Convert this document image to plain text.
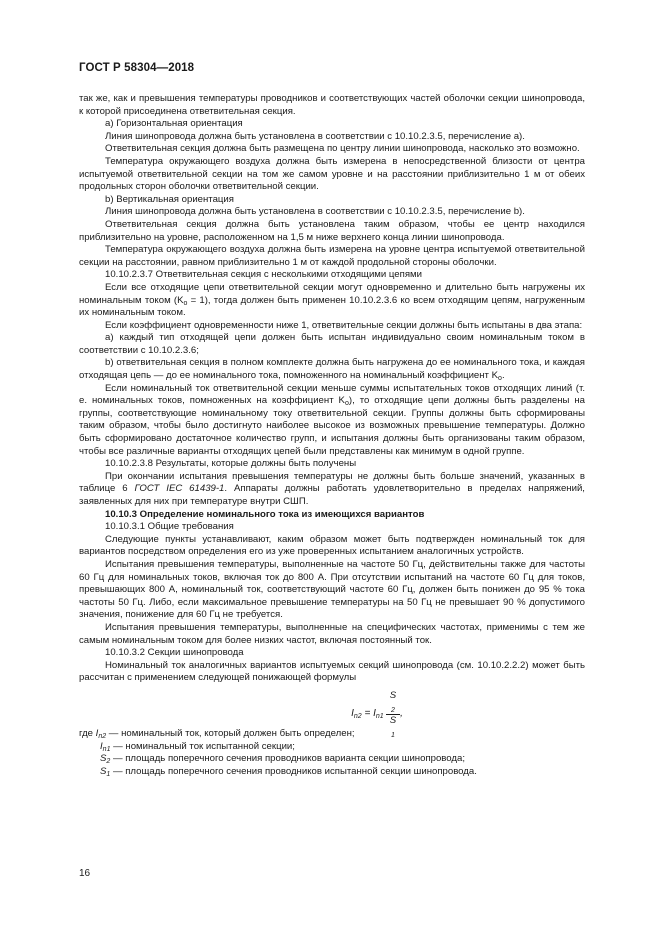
ГОСТ Р 58304—2018

так же, как и превышения температуры проводников и соответствующих частей оболочки секции шинопровода, к которой присоединена ответвительная секция.

а) Горизонтальная ориентация

Линия шинопровода должна быть установлена в соответствии с 10.10.2.3.5, перечисление а).

Ответвительная секция должна быть размещена по центру линии шинопровода, насколько это возможно.

Температура окружающего воздуха должна быть измерена в непосредственной близости от центра испытуемой ответвительной секции на том же самом уровне и на расстоянии приблизительно 1 м от обеих продольных сторон оболочки ответвительной секции.

b) Вертикальная ориентация

Линия шинопровода должна быть установлена в соответствии с 10.10.2.3.5, перечисление b).

Ответвительная секция должна быть установлена таким образом, чтобы ее центр находился приблизительно на уровне, расположенном на 1,5 м ниже верхнего конца линии шинопровода.

Температура окружающего воздуха должна быть измерена на уровне центра испытуемой ответвительной секции на расстоянии, равном приблизительно 1 м от каждой продольной стороны оболочки.

10.10.2.3.7 Ответвительная секция с несколькими отходящими цепями

Если все отходящие цепи ответвительной секции могут одновременно и длительно быть нагружены их номинальным током $(K_o = 1)$, тогда должен быть применен 10.10.2.3.6 ко всем отходящим цепям, нагруженным их номинальным током.

Если коэффициент одновременности ниже 1, ответвительные секции должны быть испытаны в два этапа:

а) каждый тип отходящей цепи должен быть испытан индивидуально своим номинальным током в соответствии с 10.10.2.3.6;

b) ответвительная секция в полном комплекте должна быть нагружена до ее номинального тока, и каждая отходящая цепь — до ее номинального тока, помноженного на номинальный коэффициент $K_o$.

Если номинальный ток ответвительной секции меньше суммы испытательных токов отходящих линий (т. е. номинальных токов, помноженных на коэффициент $K_o$), то отходящие цепи должны быть разделены на группы, соответствующие номинальному току ответвительной секции. Группы должны быть сформированы таким образом, чтобы было достигнуто наиболее высокое из возможных превышение температуры. Должно быть сформировано достаточное количество групп, и испытания должны быть организованы таким образом, чтобы все различные варианты отходящих цепей были представлены как минимум в одной группе.

10.10.2.3.8 Результаты, которые должны быть получены

При окончании испытания превышения температуры не должны быть больше значений, указанных в таблице 6 ГОСТ IEC 61439-1. Аппараты должны работать удовлетворительно в пределах напряжений, заявленных для них при температуре внутри СШП.

10.10.3 Определение номинального тока из имеющихся вариантов

10.10.3.1 Общие требования

Следующие пункты устанавливают, каким образом может быть подтвержден номинальный ток для вариантов посредством определения его из уже проверенных испытанием аналогичных устройств.

Испытания превышения температуры, выполненные на частоте 50 Гц, действительны также для частоты 60 Гц для номинальных токов, включая ток до 800 А. При отсутствии испытаний на частоте 60 Гц для токов, превышающих 800 А, номинальный ток, соответствующий частоте 60 Гц, должен быть понижен до 95 % тока частоты 50 Гц. Либо, если максимальное превышение температуры на 50 Гц не превышает 90 % допустимого значения, понижение для 60 Гц не требуется.

Испытания превышения температуры, выполненные на специфических частотах, применимы с тем же самым номинальным током для более низких частот, включая постоянный ток.

10.10.3.2 Секции шинопровода

Номинальный ток аналогичных вариантов испытуемых секций шинопровода (см. 10.10.2.2.2) может быть рассчитан с применением следующей понижающей формулы

$I_{n2} = I_{n1}$ S
$_2$
S
$_1$ ,

где $I_{n2}$ — номинальный ток, который должен быть определен;

$I_{n1}$ — номинальный ток испытанной секции;

$S_2$ — площадь поперечного сечения проводников варианта секции шинопровода;

$S_1$ — площадь поперечного сечения проводников испытанной секции шинопровода.

16
